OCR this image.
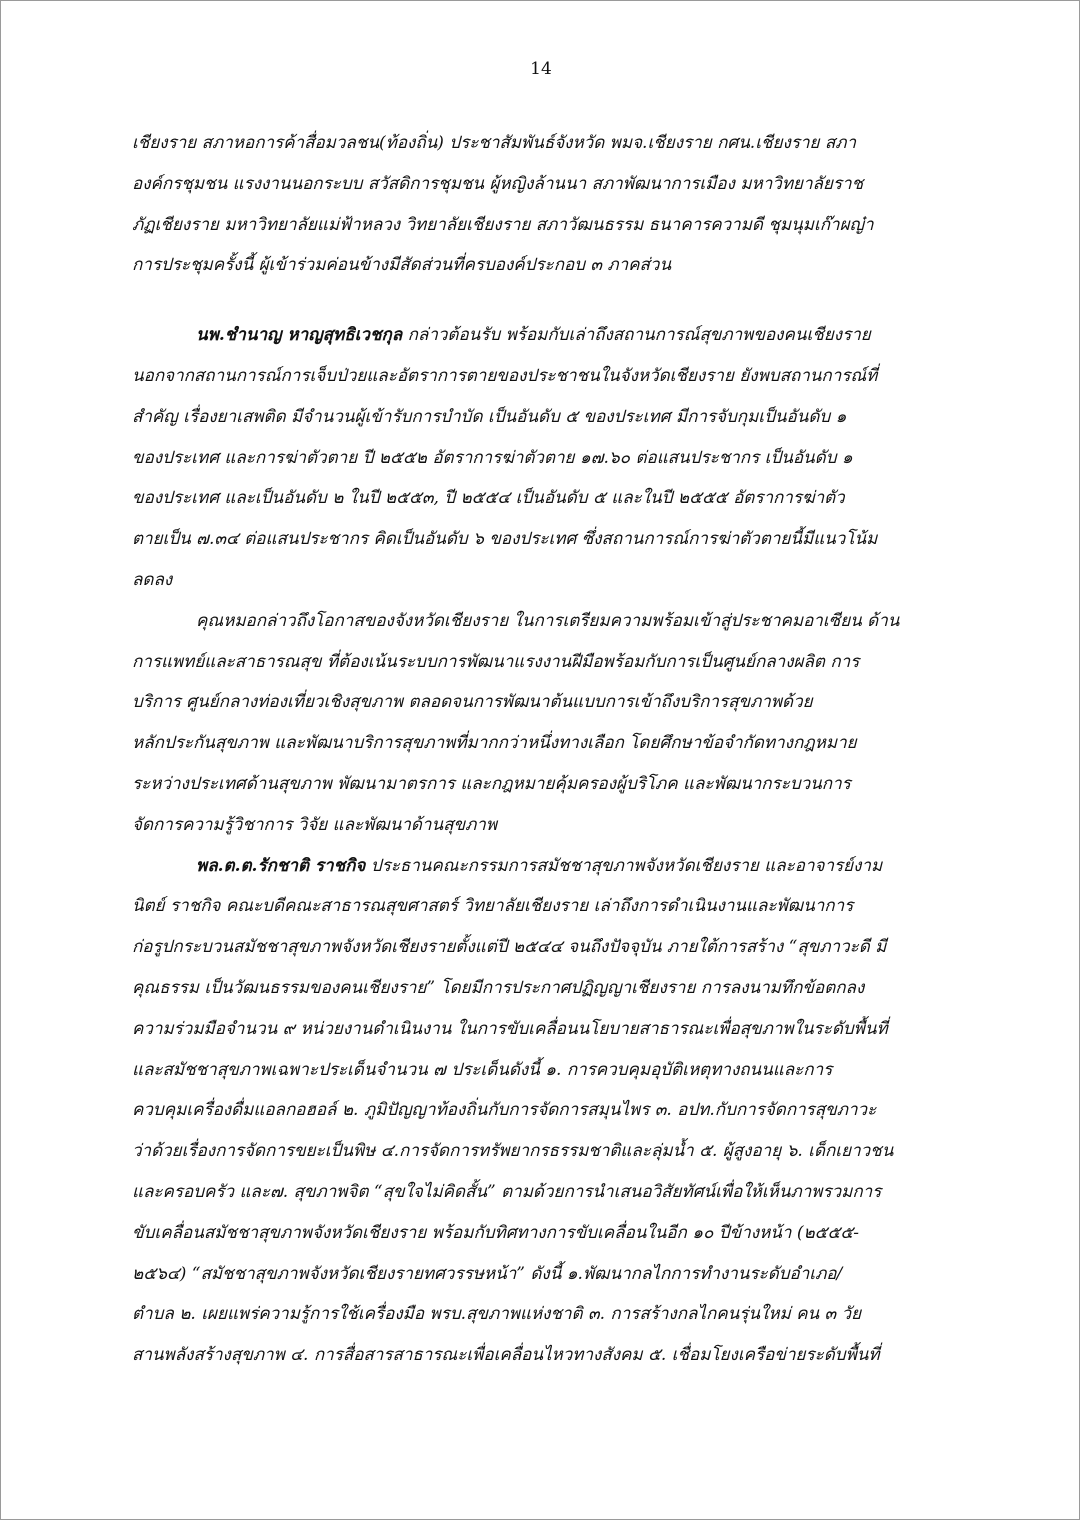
14
เชียงราย สภาหอการค้าสื่อมวลชน(ท้องถิ่น) ประชาสัมพันธ์จังหวัด พมจ.เชียงราย กศน.เชียงราย สภา
องค์กรชุมชน แรงงานนอกระบบ สวัสดิการชุมชน ผู้หญิงล้านนา สภาพัฒนาการเมือง มหาวิทยาลัยราช
ภัฏเชียงราย มหาวิทยาลัยแม่ฟ้าหลวง วิทยาลัยเชียงราย สภาวัฒนธรรม ธนาคารความดี ชุมนุมเก๊าผญ๋า
การประชุมครั้งนี้ ผู้เข้าร่วมค่อนข้างมีสัดส่วนที่ครบองค์ประกอบ ๓ ภาคส่วน
นพ.ชำนาญ หาญสุทธิเวชกุล กล่าวต้อนรับ พร้อมกับเล่าถึงสถานการณ์สุขภาพของคนเชียงราย
นอกจากสถานการณ์การเจ็บป่วยและอัตราการตายของประชาชนในจังหวัดเชียงราย ยังพบสถานการณ์ที่
สำคัญ เรื่องยาเสพติด มีจำนวนผู้เข้ารับการบำบัด เป็นอันดับ ๕ ของประเทศ มีการจับกุมเป็นอันดับ ๑
ของประเทศ และการฆ่าตัวตาย ปี ๒๕๕๒ อัตราการฆ่าตัวตาย ๑๗.๖๐ ต่อแสนประชากร เป็นอันดับ ๑
ของประเทศ และเป็นอันดับ ๒ ในปี ๒๕๕๓, ปี ๒๕๕๔ เป็นอันดับ ๕ และในปี ๒๕๕๕ อัตราการฆ่าตัว
ตายเป็น ๗.๓๔ ต่อแสนประชากร คิดเป็นอันดับ ๖ ของประเทศ ซึ่งสถานการณ์การฆ่าตัวตายนี้มีแนวโน้ม
ลดลง
คุณหมอกล่าวถึงโอกาสของจังหวัดเชียงราย ในการเตรียมความพร้อมเข้าสู่ประชาคมอาเซียน ด้าน
การแพทย์และสาธารณสุข ที่ต้องเน้นระบบการพัฒนาแรงงานฝีมือพร้อมกับการเป็นศูนย์กลางผลิต การ
บริการ ศูนย์กลางท่องเที่ยวเชิงสุขภาพ ตลอดจนการพัฒนาต้นแบบการเข้าถึงบริการสุขภาพด้วย
หลักประกันสุขภาพ และพัฒนาบริการสุขภาพที่มากกว่าหนึ่งทางเลือก โดยศึกษาข้อจำกัดทางกฎหมาย
ระหว่างประเทศด้านสุขภาพ พัฒนามาตรการ และกฎหมายคุ้มครองผู้บริโภค และพัฒนากระบวนการ
จัดการความรู้วิชาการ วิจัย และพัฒนาด้านสุขภาพ
พล.ต.ต.รักชาติ ราชกิจ ประธานคณะกรรมการสมัชชาสุขภาพจังหวัดเชียงราย และอาจารย์งาม
นิตย์ ราชกิจ คณะบดีคณะสาธารณสุขศาสตร์ วิทยาลัยเชียงราย เล่าถึงการดำเนินงานและพัฒนาการ
ก่อรูปกระบวนสมัชชาสุขภาพจังหวัดเชียงรายตั้งแต่ปี ๒๕๔๔ จนถึงปัจจุบัน ภายใต้การสร้าง “สุขภาวะดี มี
คุณธรรม เป็นวัฒนธรรมของคนเชียงราย” โดยมีการประกาศปฏิญญาเชียงราย การลงนามทึกข้อตกลง
ความร่วมมือจำนวน ๙ หน่วยงานดำเนินงาน ในการขับเคลื่อนนโยบายสาธารณะเพื่อสุขภาพในระดับพื้นที่
และสมัชชาสุขภาพเฉพาะประเด็นจำนวน ๗ ประเด็นดังนี้ ๑. การควบคุมอุบัติเหตุทางถนนและการ
ควบคุมเครื่องดื่มแอลกอฮอล์ ๒. ภูมิปัญญาท้องถิ่นกับการจัดการสมุนไพร ๓. อปท.กับการจัดการสุขภาวะ
ว่าด้วยเรื่องการจัดการขยะเป็นพิษ ๔.การจัดการทรัพยากรธรรมชาติและลุ่มน้ำ ๕. ผู้สูงอายุ ๖. เด็กเยาวชน
และครอบครัว และ๗. สุขภาพจิต “สุขใจไม่คิดสั้น” ตามด้วยการนำเสนอวิสัยทัศน์เพื่อให้เห็นภาพรวมการ
ขับเคลื่อนสมัชชาสุขภาพจังหวัดเชียงราย พร้อมกับทิศทางการขับเคลื่อนในอีก ๑๐ ปีข้างหน้า (๒๕๕๕-
๒๕๖๔) “สมัชชาสุขภาพจังหวัดเชียงรายทศวรรษหน้า” ดังนี้ ๑.พัฒนากลไกการทำงานระดับอำเภอ/
ตำบล ๒. เผยแพร่ความรู้การใช้เครื่องมือ พรบ.สุขภาพแห่งชาติ ๓. การสร้างกลไกคนรุ่นใหม่ คน ๓ วัย
สานพลังสร้างสุขภาพ ๔. การสื่อสารสาธารณะเพื่อเคลื่อนไหวทางสังคม ๕. เชื่อมโยงเครือข่ายระดับพื้นที่
